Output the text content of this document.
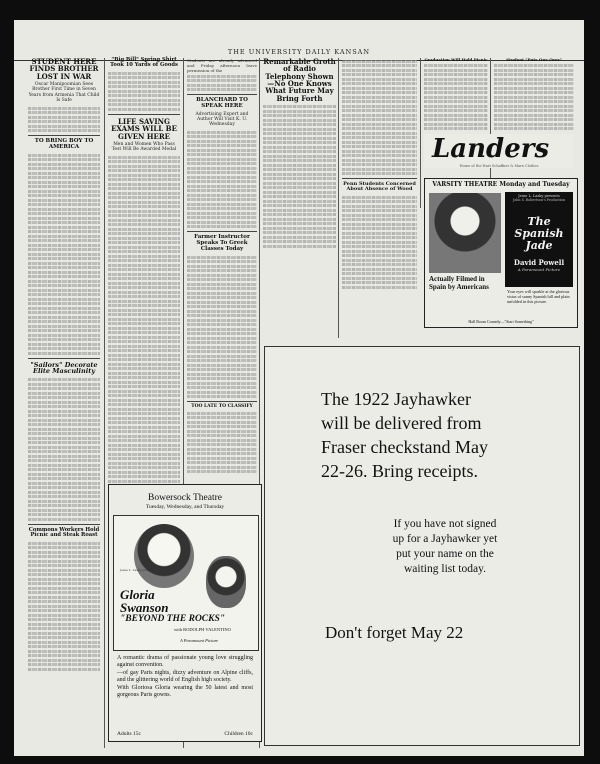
THE UNIVERSITY DAILY KANSAN
STUDENT HERE FINDS BROTHER LOST IN WAR
Oscar Manipoomian Sees Brother First Time in Seven Years from Armenia That Child Is Safe
TO BRING BOY TO AMERICA
"Sailors" Decorate Elite Masculinity
Commons Workers Hold Picnic and Steak Roast
"Big Bill" Spring Shirt Took 10 Yards of Goods
LIFE SAVING EXAMS WILL BE GIVEN HERE
Men and Women Who Pass Test Will Be Awarded Medal
Students are already advanced and Friday afternoon leave permission of the
BLANCHARD TO SPEAK HERE
Advertising Expert and Author Will Visit K. U. Wednesday
Farmer Instructor Speaks To Greek Classes Today
TOO LATE TO CLASSIFY
Remarkable Groth of Radio Telephony Shown—No One Knows What Future May Bring Forth
Penn Students Concerned About Absence of Wood
Graduation Will Hold Picnic	Student "Puts One Over"
Landers
Home of the Hart Schaffner & Marx Clothes
VARSITY THEATRE Monday and Tuesday
Jesse L. Lasky presents
John S. Robertson's Production
The Spanish Jade
David Powell
A Paramount Picture
Actually Filmed in Spain by Americans
Your eyes will sparkle at the glorious vistas of sunny Spanish hill and plain unfolded in this picture.
Hall Room Comedy—"Start Something"
The 1922 Jayhawker
will be delivered from
Fraser checkstand May
22-26. Bring receipts.
If you have not signed
up for a Jayhawker yet
put your name on the
waiting list today.
Don't forget May 22
Bowersock Theatre
Tuesday, Wednesday, and Thursday
Jesse L. Lasky presents
Gloria Swanson
"BEYOND THE ROCKS"
with RODOLPH VALENTINO
A Paramount Picture
A romantic drama of passionate young love struggling against convention.
—of gay Paris nights, dizzy adventure on Alpine cliffs, and the glittering world of English high society.
With Gloriosa Gloria wearing the 50 latest and most gorgeous Paris gowns.
Adults 15c	Children 10c
